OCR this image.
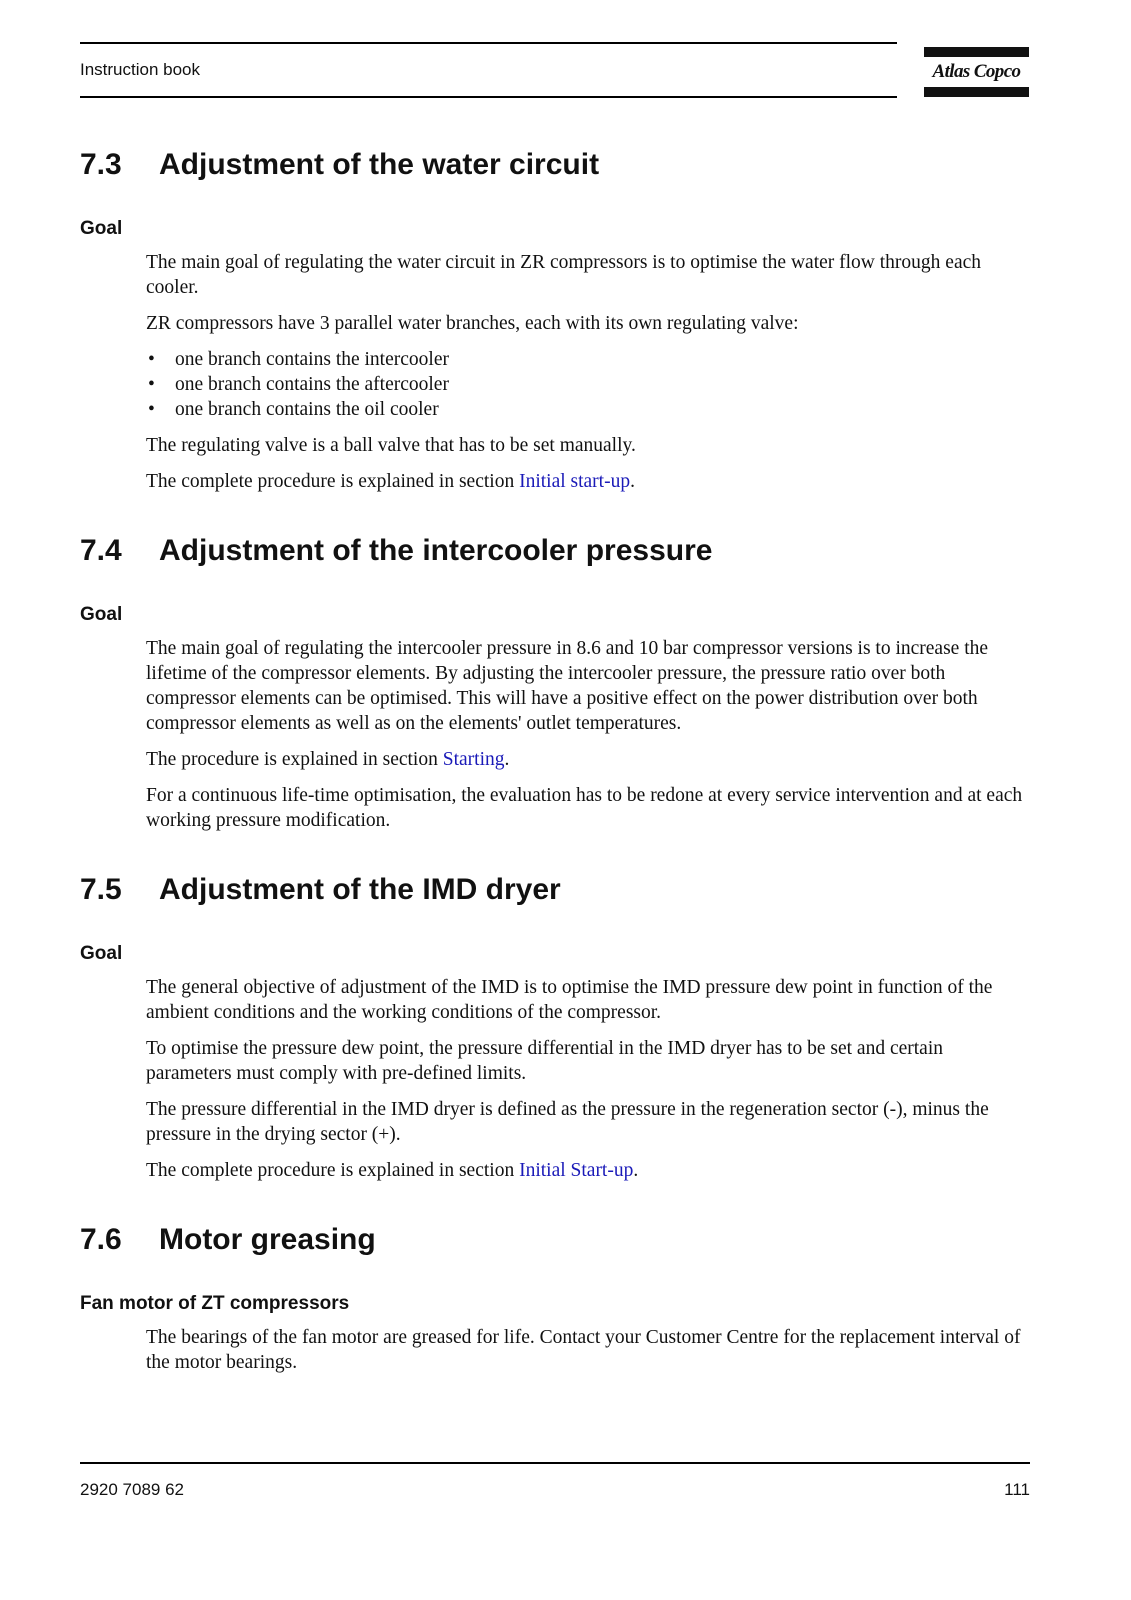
Instruction book	Atlas Copco
7.3	Adjustment of the water circuit
Goal

The main goal of regulating the water circuit in ZR compressors is to optimise the water flow through each cooler.

ZR compressors have 3 parallel water branches, each with its own regulating valve:

• one branch contains the intercooler
• one branch contains the aftercooler
• one branch contains the oil cooler

The regulating valve is a ball valve that has to be set manually.

The complete procedure is explained in section Initial start-up.

7.4	Adjustment of the intercooler pressure
Goal

The main goal of regulating the intercooler pressure in 8.6 and 10 bar compressor versions is to increase the lifetime of the compressor elements. By adjusting the intercooler pressure, the pressure ratio over both compressor elements can be optimised. This will have a positive effect on the power distribution over both compressor elements as well as on the elements' outlet temperatures.

The procedure is explained in section Starting.

For a continuous life-time optimisation, the evaluation has to be redone at every service intervention and at each working pressure modification.

7.5	Adjustment of the IMD dryer
Goal

The general objective of adjustment of the IMD is to optimise the IMD pressure dew point in function of the ambient conditions and the working conditions of the compressor.

To optimise the pressure dew point, the pressure differential in the IMD dryer has to be set and certain parameters must comply with pre-defined limits.

The pressure differential in the IMD dryer is defined as the pressure in the regeneration sector (-), minus the pressure in the drying sector (+).

The complete procedure is explained in section Initial Start-up.

7.6	Motor greasing
Fan motor of ZT compressors

The bearings of the fan motor are greased for life. Contact your Customer Centre for the replacement interval of the motor bearings.

2920 7089 62	111
